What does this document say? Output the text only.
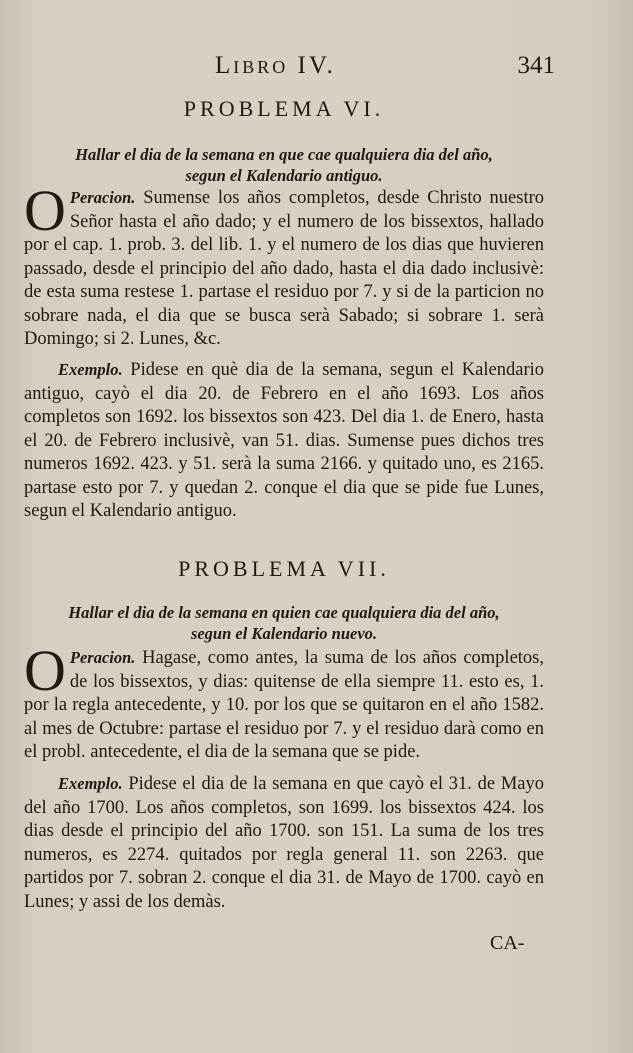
Libro IV.	341
PROBLEMA VI.
Hallar el dia de la semana en que cae qualquiera dia del año,
segun el Kalendario antiguo.

O Peracion. Sumense los años completos, desde Christo nuestro Señor hasta el año dado; y el numero de los bissextos, hallado por el cap. 1. prob. 3. del lib. 1. y el numero de los dias que huvieren passado, desde el principio del año dado, hasta el dia dado inclusivè: de esta suma restese 1. partase el residuo por 7. y si de la particion no sobrare nada, el dia que se busca serà Sabado; si sobrare 1. serà Domingo; si 2. Lunes, &c.

Exemplo. Pidese en què dia de la semana, segun el Kalendario antiguo, cayò el dia 20. de Febrero en el año 1693. Los años completos son 1692. los bissextos son 423. Del dia 1. de Enero, hasta el 20. de Febrero inclusivè, van 51. dias. Sumense pues dichos tres numeros 1692. 423. y 51. serà la suma 2166. y quitado uno, es 2165. partase esto por 7. y quedan 2. conque el dia que se pide fue Lunes, segun el Kalendario antiguo.

PROBLEMA VII.
Hallar el dia de la semana en quien cae qualquiera dia del año,
segun el Kalendario nuevo.

O Peracion. Hagase, como antes, la suma de los años completos, de los bissextos, y dias: quitense de ella siempre 11. esto es, 1. por la regla antecedente, y 10. por los que se quitaron en el año 1582. al mes de Octubre: partase el residuo por 7. y el residuo darà como en el probl. antecedente, el dia de la semana que se pide.

Exemplo. Pidese el dia de la semana en que cayò el 31. de Mayo del año 1700. Los años completos, son 1699. los bissextos 424. los dias desde el principio del año 1700. son 151. La suma de los tres numeros, es 2274. quitados por regla general 11. son 2263. que partidos por 7. sobran 2. conque el dia 31. de Mayo de 1700. cayò en Lunes; y assi de los demàs.

CA-
